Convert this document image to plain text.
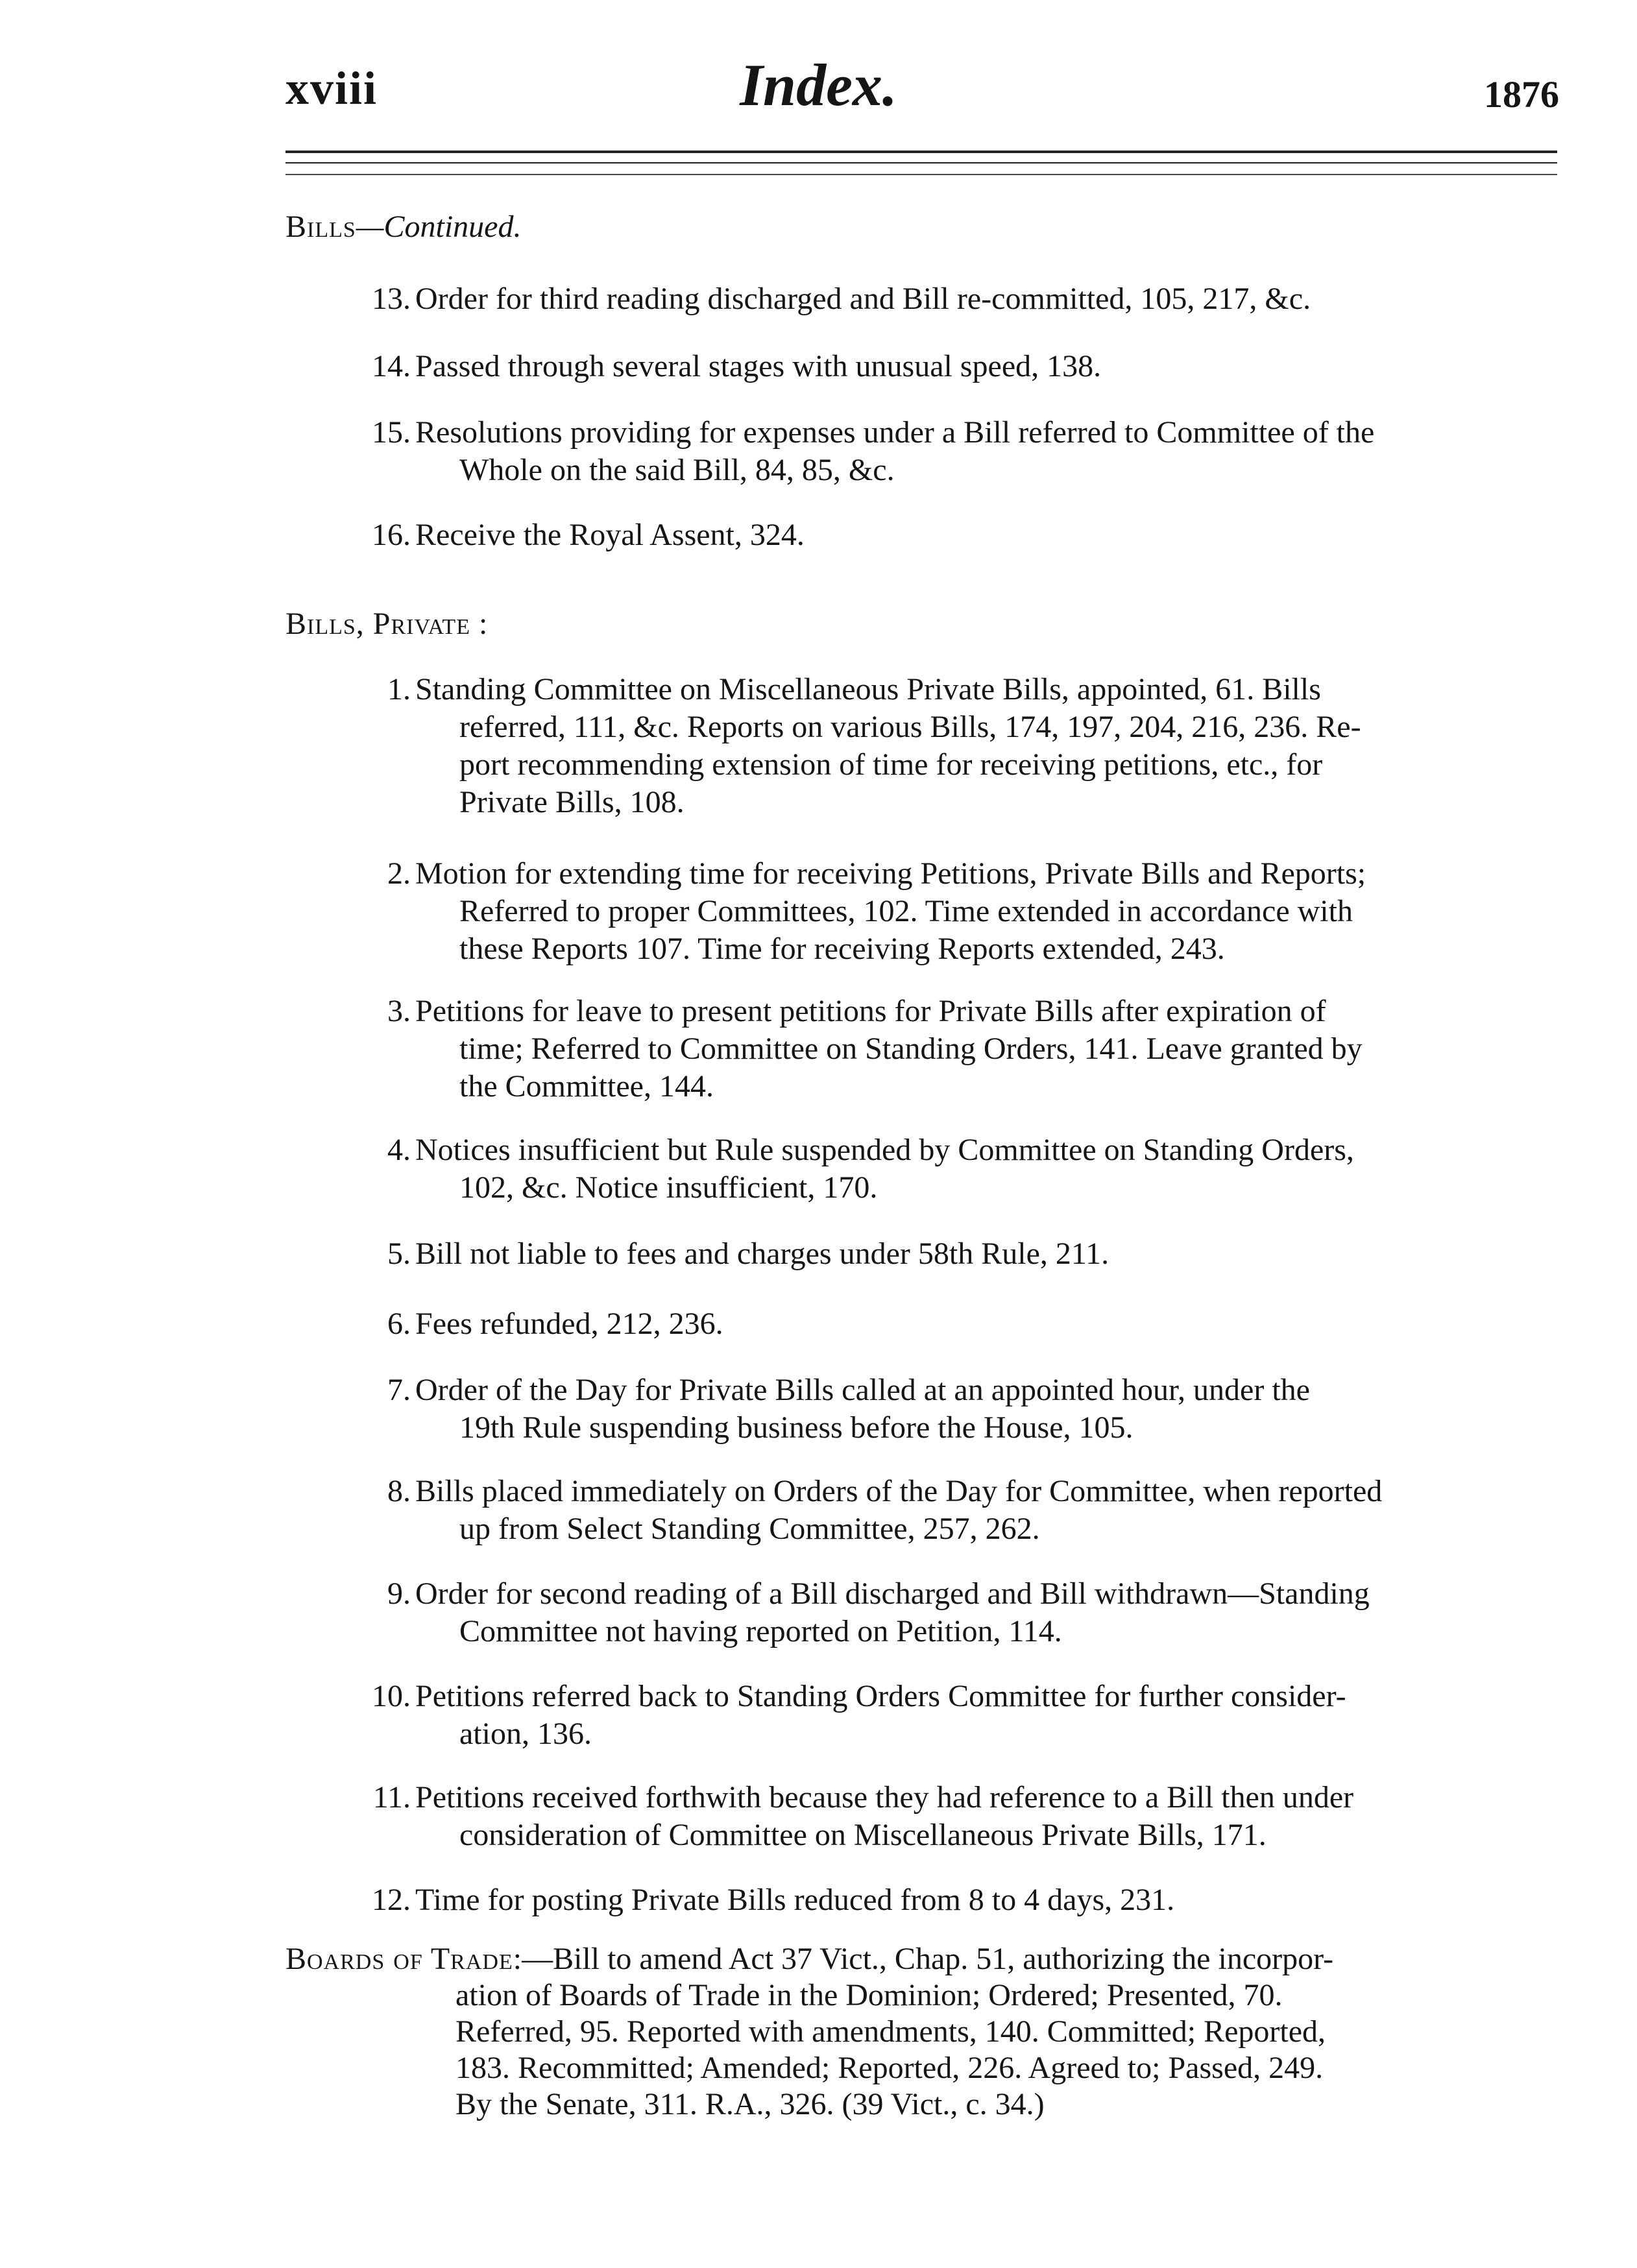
xviii	Index.	1876
Bills—Continued.
13. Order for third reading discharged and Bill re-committed, 105, 217, &c.
14. Passed through several stages with unusual speed, 138.
15. Resolutions providing for expenses under a Bill referred to Committee of the
Whole on the said Bill, 84, 85, &c.
16. Receive the Royal Assent, 324.
Bills, Private :
1. Standing Committee on Miscellaneous Private Bills, appointed, 61. Bills
referred, 111, &c. Reports on various Bills, 174, 197, 204, 216, 236. Re-
port recommending extension of time for receiving petitions, etc., for
Private Bills, 108.
2. Motion for extending time for receiving Petitions, Private Bills and Reports;
Referred to proper Committees, 102. Time extended in accordance with
these Reports 107. Time for receiving Reports extended, 243.
3. Petitions for leave to present petitions for Private Bills after expiration of
time; Referred to Committee on Standing Orders, 141. Leave granted by
the Committee, 144.
4. Notices insufficient but Rule suspended by Committee on Standing Orders,
102, &c. Notice insufficient, 170.
5. Bill not liable to fees and charges under 58th Rule, 211.
6. Fees refunded, 212, 236.
7. Order of the Day for Private Bills called at an appointed hour, under the
19th Rule suspending business before the House, 105.
8. Bills placed immediately on Orders of the Day for Committee, when reported
up from Select Standing Committee, 257, 262.
9. Order for second reading of a Bill discharged and Bill withdrawn—Standing
Committee not having reported on Petition, 114.
10. Petitions referred back to Standing Orders Committee for further consider-
ation, 136.
11. Petitions received forthwith because they had reference to a Bill then under
consideration of Committee on Miscellaneous Private Bills, 171.
12. Time for posting Private Bills reduced from 8 to 4 days, 231.
Boards of Trade:—Bill to amend Act 37 Vict., Chap. 51, authorizing the incorpor-
ation of Boards of Trade in the Dominion; Ordered; Presented, 70.
Referred, 95. Reported with amendments, 140. Committed; Reported,
183. Recommitted; Amended; Reported, 226. Agreed to; Passed, 249.
By the Senate, 311. R.A., 326. (39 Vict., c. 34.)
